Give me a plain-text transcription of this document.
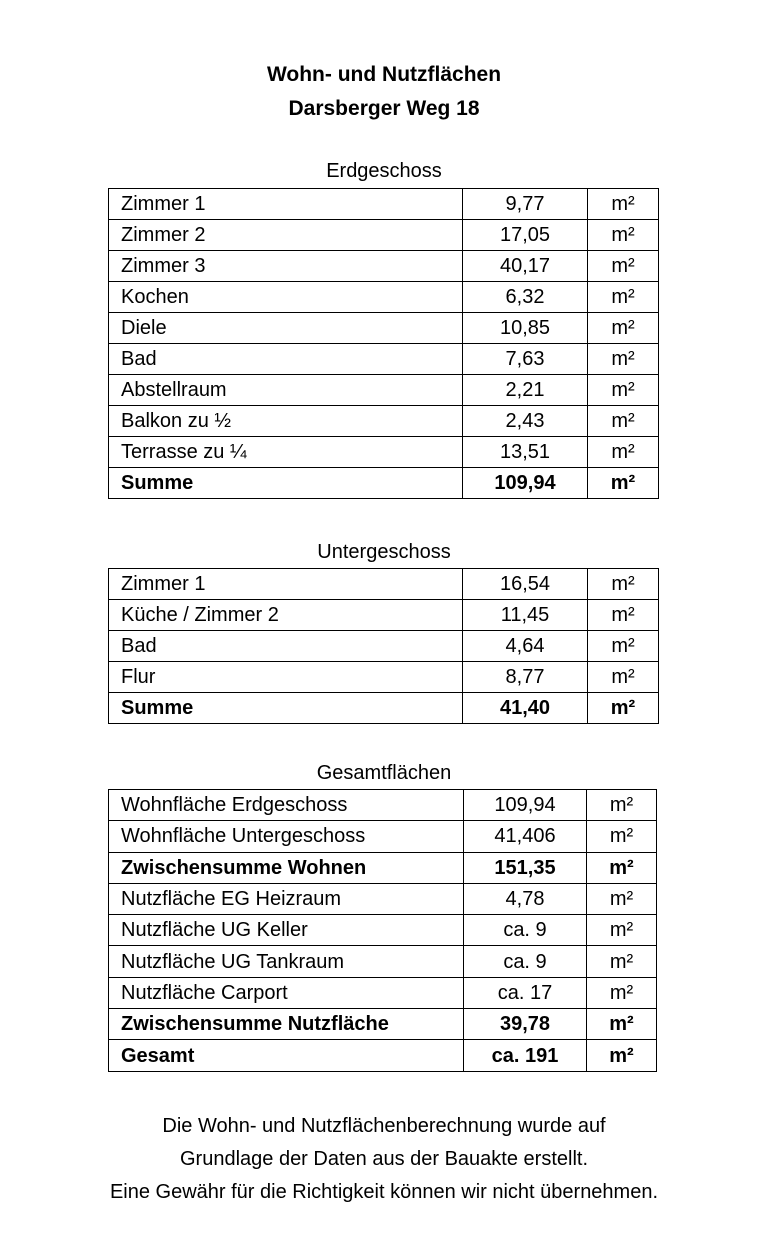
Wohn- und Nutzflächen
Darsberger Weg 18
Erdgeschoss
Zimmer 1	9,77	m²
Zimmer 2	17,05	m²
Zimmer 3	40,17	m²
Kochen	6,32	m²
Diele	10,85	m²
Bad	7,63	m²
Abstellraum	2,21	m²
Balkon zu ½	2,43	m²
Terrasse zu ¼	13,51	m²
Summe	109,94	m²
Untergeschoss
Zimmer 1	16,54	m²
Küche / Zimmer 2	11,45	m²
Bad	4,64	m²
Flur	8,77	m²
Summe	41,40	m²
Gesamtflächen
Wohnfläche Erdgeschoss	109,94	m²
Wohnfläche Untergeschoss	41,406	m²
Zwischensumme Wohnen	151,35	m²
Nutzfläche EG Heizraum	4,78	m²
Nutzfläche UG Keller	ca. 9	m²
Nutzfläche UG Tankraum	ca. 9	m²
Nutzfläche Carport	ca. 17	m²
Zwischensumme Nutzfläche	39,78	m²
Gesamt	ca. 191	m²
Die Wohn- und Nutzflächenberechnung wurde auf
Grundlage der Daten aus der Bauakte erstellt.
Eine Gewähr für die Richtigkeit können wir nicht übernehmen.
